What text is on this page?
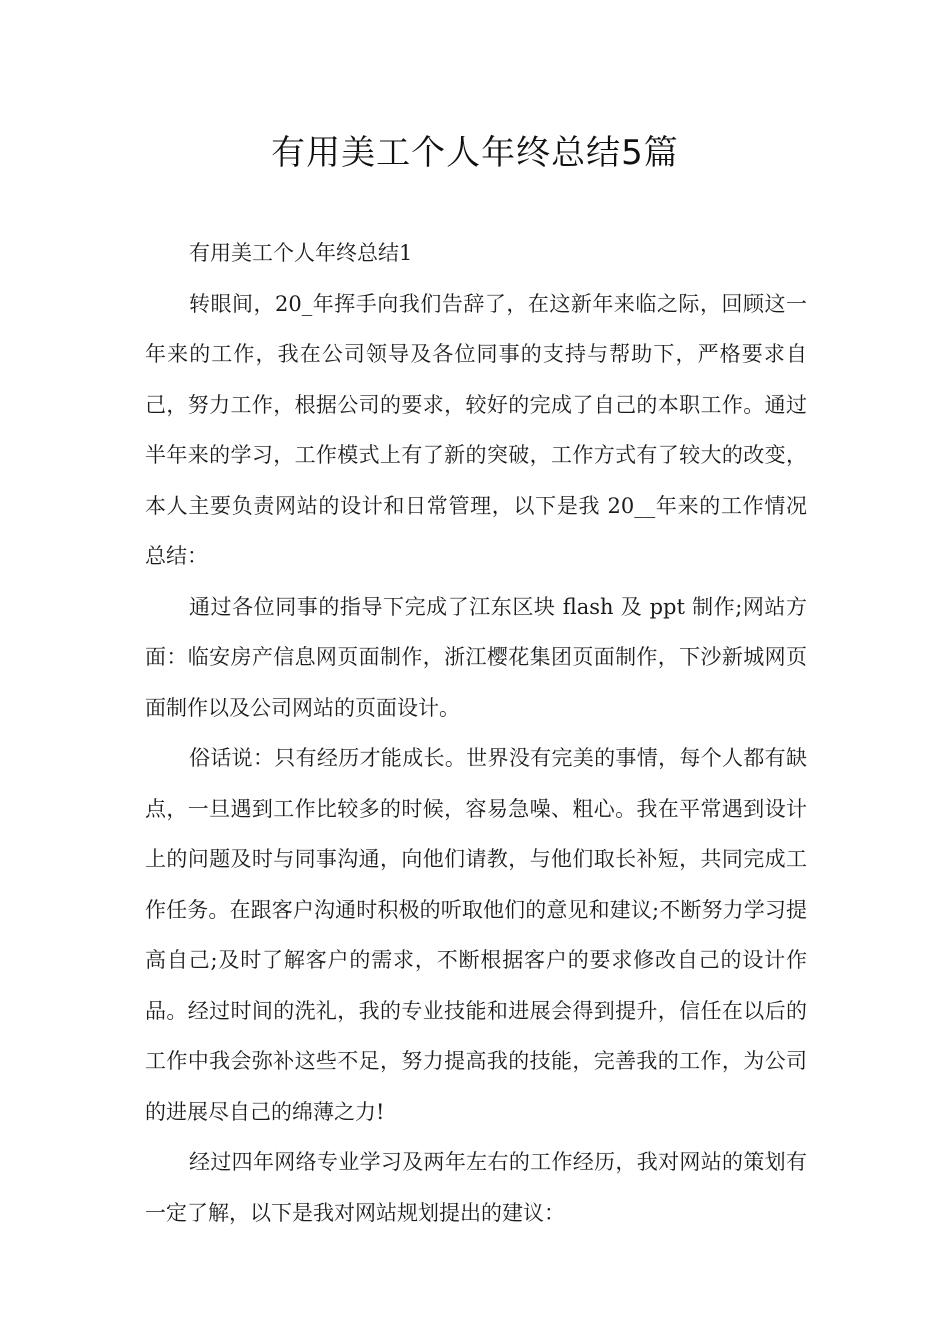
有用美工个人年终总结5篇

有用美工个人年终总结1

转眼间，20_年挥手向我们告辞了，在这新年来临之际，回顾这一年来的工作，我在公司领导及各位同事的支持与帮助下，严格要求自己，努力工作，根据公司的要求，较好的完成了自己的本职工作。通过半年来的学习，工作模式上有了新的突破，工作方式有了较大的改变，本人主要负责网站的设计和日常管理，以下是我 20__年来的工作情况总结：

通过各位同事的指导下完成了江东区块 flash 及 ppt 制作;网站方面：临安房产信息网页面制作，浙江樱花集团页面制作，下沙新城网页面制作以及公司网站的页面设计。

俗话说：只有经历才能成长。世界没有完美的事情，每个人都有缺点，一旦遇到工作比较多的时候，容易急噪、粗心。我在平常遇到设计上的问题及时与同事沟通，向他们请教，与他们取长补短，共同完成工作任务。在跟客户沟通时积极的听取他们的意见和建议;不断努力学习提高自己;及时了解客户的需求，不断根据客户的要求修改自己的设计作品。经过时间的洗礼，我的专业技能和进展会得到提升，信任在以后的工作中我会弥补这些不足，努力提高我的技能，完善我的工作，为公司的进展尽自己的绵薄之力!

经过四年网络专业学习及两年左右的工作经历，我对网站的策划有一定了解，以下是我对网站规划提出的建议：
